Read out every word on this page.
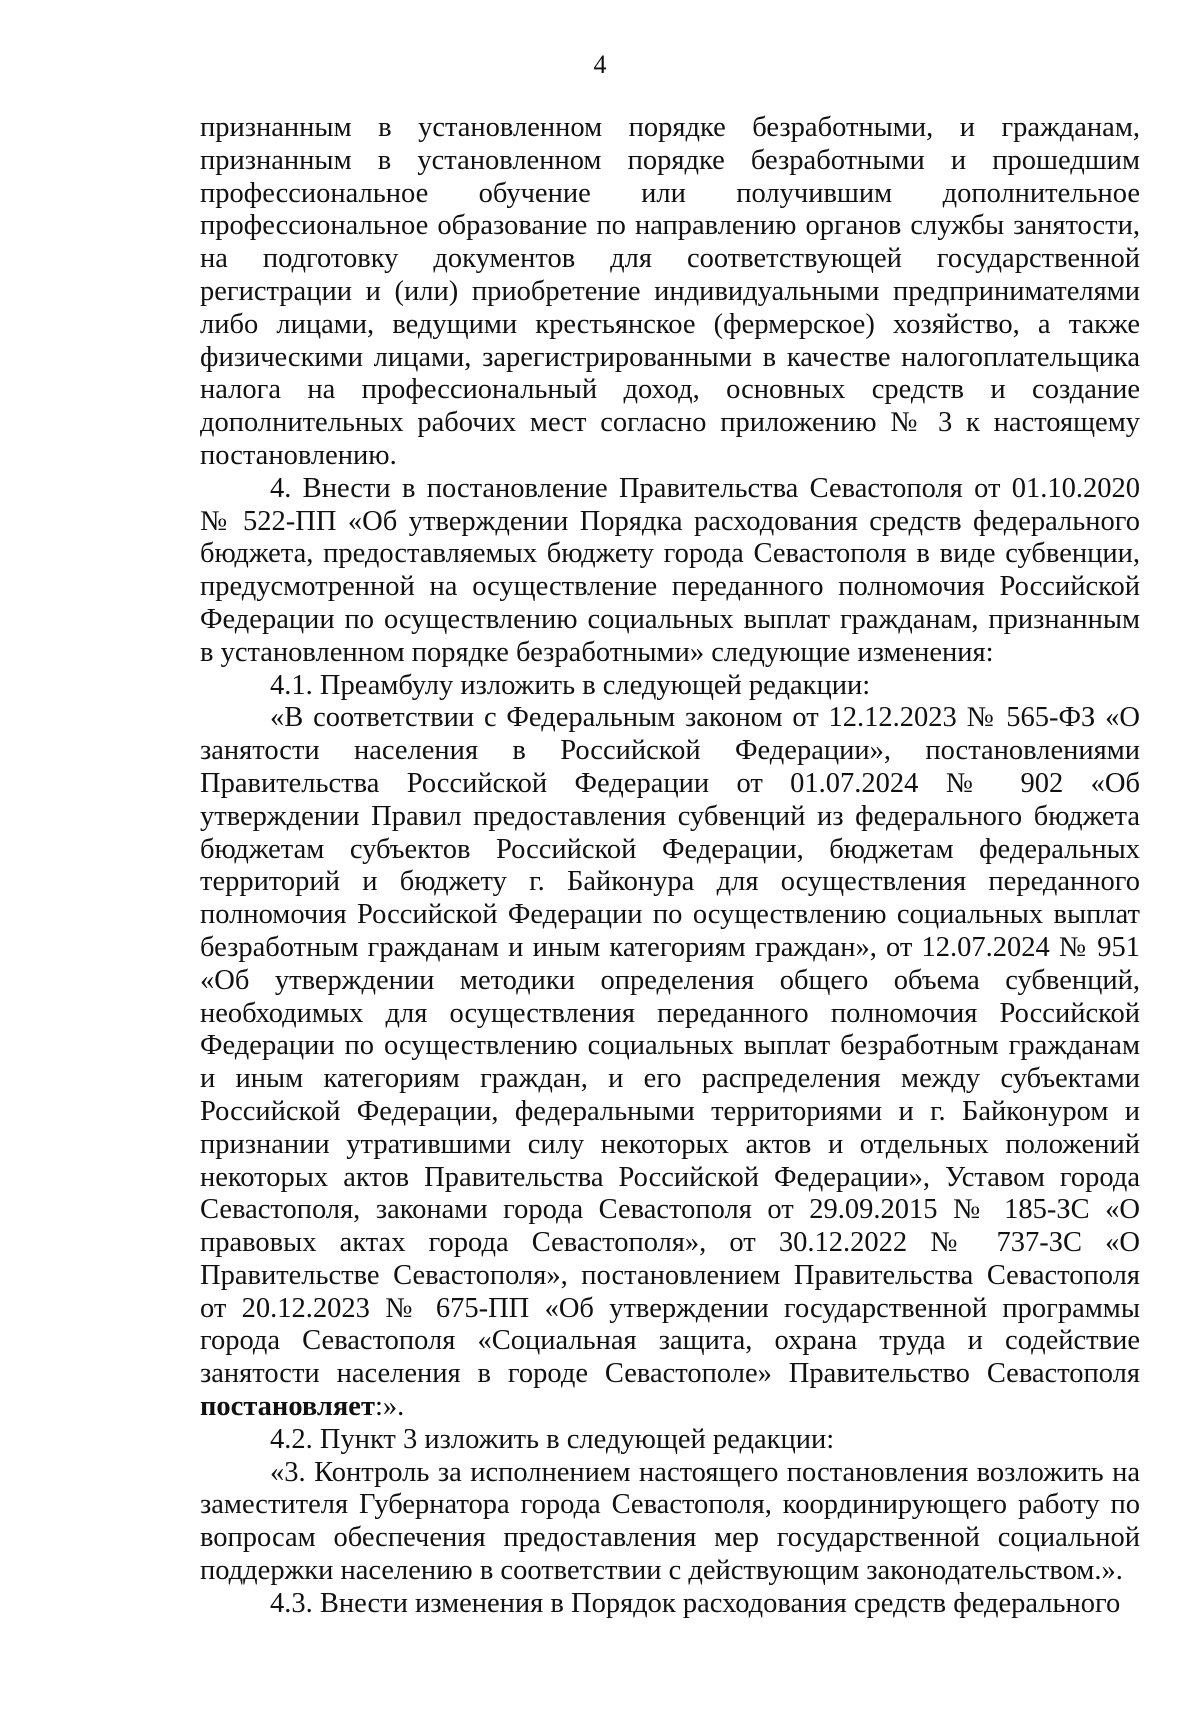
4

признанным в установленном порядке безработными, и гражданам, признанным в установленном порядке безработными и прошедшим профессиональное обучение или получившим дополнительное профессиональное образование по направлению органов службы занятости, на подготовку документов для соответствующей государственной регистрации и (или) приобретение индивидуальными предпринимателями либо лицами, ведущими крестьянское (фермерское) хозяйство, а также физическими лицами, зарегистрированными в качестве налогоплательщика налога на профессиональный доход, основных средств и создание дополнительных рабочих мест согласно приложению № 3 к настоящему постановлению.

4. Внести в постановление Правительства Севастополя от 01.10.2020 № 522-ПП «Об утверждении Порядка расходования средств федерального бюджета, предоставляемых бюджету города Севастополя в виде субвенции, предусмотренной на осуществление переданного полномочия Российской Федерации по осуществлению социальных выплат гражданам, признанным в установленном порядке безработными» следующие изменения:

4.1. Преамбулу изложить в следующей редакции:

«В соответствии с Федеральным законом от 12.12.2023 № 565-ФЗ «О занятости населения в Российской Федерации», постановлениями Правительства Российской Федерации от 01.07.2024 № 902 «Об утверждении Правил предоставления субвенций из федерального бюджета бюджетам субъектов Российской Федерации, бюджетам федеральных территорий и бюджету г. Байконура для осуществления переданного полномочия Российской Федерации по осуществлению социальных выплат безработным гражданам и иным категориям граждан», от 12.07.2024 № 951 «Об утверждении методики определения общего объема субвенций, необходимых для осуществления переданного полномочия Российской Федерации по осуществлению социальных выплат безработным гражданам и иным категориям граждан, и его распределения между субъектами Российской Федерации, федеральными территориями и г. Байконуром и признании утратившими силу некоторых актов и отдельных положений некоторых актов Правительства Российской Федерации», Уставом города Севастополя, законами города Севастополя от 29.09.2015 № 185-ЗС «О правовых актах города Севастополя», от 30.12.2022 № 737-ЗС «О Правительстве Севастополя», постановлением Правительства Севастополя от 20.12.2023 № 675-ПП «Об утверждении государственной программы города Севастополя «Социальная защита, охрана труда и содействие занятости населения в городе Севастополе» Правительство Севастополя постановляет:».

4.2. Пункт 3 изложить в следующей редакции:

«3. Контроль за исполнением настоящего постановления возложить на заместителя Губернатора города Севастополя, координирующего работу по вопросам обеспечения предоставления мер государственной социальной поддержки населению в соответствии с действующим законодательством.».

4.3. Внести изменения в Порядок расходования средств федерального
